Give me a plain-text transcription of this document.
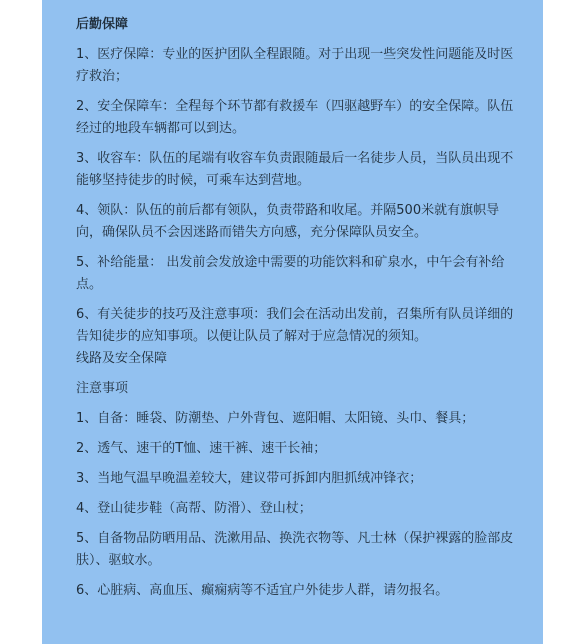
后勤保障
1、医疗保障：专业的医护团队全程跟随。对于出现一些突发性问题能及时医疗救治；
2、安全保障车：全程每个环节都有救援车（四驱越野车）的安全保障。队伍经过的地段车辆都可以到达。
3、收容车：队伍的尾端有收容车负责跟随最后一名徒步人员，当队员出现不能够坚持徒步的时候，可乘车达到营地。
4、领队：队伍的前后都有领队，负责带路和收尾。并隔500米就有旗帜导向，确保队员不会因迷路而错失方向感，充分保障队员安全。
5、补给能量： 出发前会发放途中需要的功能饮料和矿泉水，中午会有补给点。
6、有关徒步的技巧及注意事项：我们会在活动出发前，召集所有队员详细的告知徒步的应知事项。以便让队员了解对于应急情况的须知。
线路及安全保障
注意事项
1、自备：睡袋、防潮垫、户外背包、遮阳帽、太阳镜、头巾、餐具；
2、透气、速干的T恤、速干裤、速干长袖；
3、当地气温早晚温差较大，建议带可拆卸内胆抓绒冲锋衣；
4、登山徒步鞋（高帮、防滑）、登山杖；
5、自备物品防晒用品、洗漱用品、换洗衣物等、凡士林（保护裸露的脸部皮肤）、驱蚊水。
6、心脏病、高血压、癫痫病等不适宜户外徒步人群，请勿报名。
